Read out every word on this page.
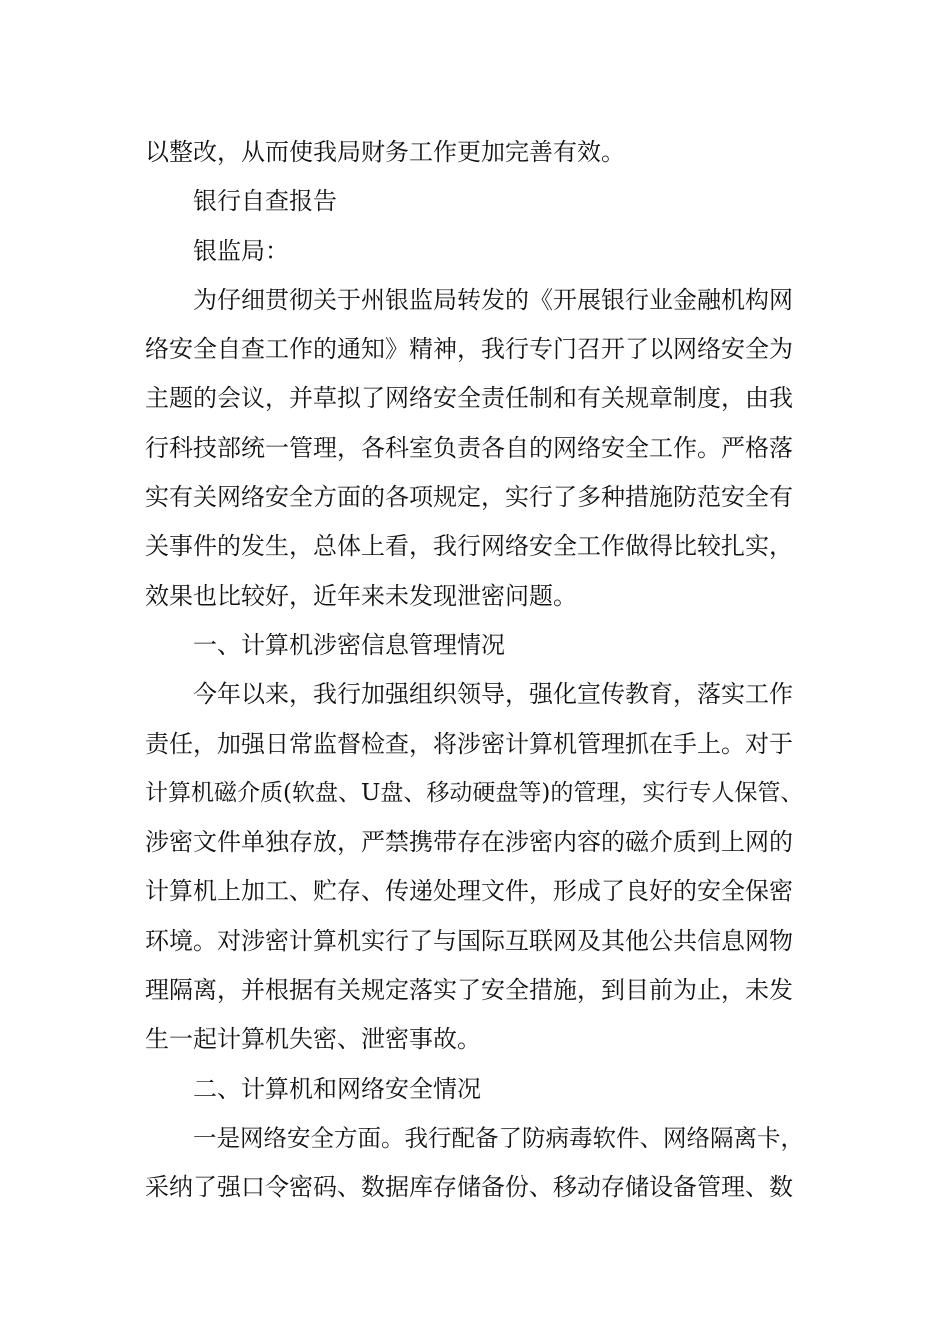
以整改，从而使我局财务工作更加完善有效。
银行自查报告
银监局：
为仔细贯彻关于州银监局转发的《开展银行业金融机构网
络安全自查工作的通知》精神，我行专门召开了以网络安全为
主题的会议，并草拟了网络安全责任制和有关规章制度，由我
行科技部统一管理，各科室负责各自的网络安全工作。严格落
实有关网络安全方面的各项规定，实行了多种措施防范安全有
关事件的发生，总体上看，我行网络安全工作做得比较扎实，
效果也比较好，近年来未发现泄密问题。
一、计算机涉密信息管理情况
今年以来，我行加强组织领导，强化宣传教育，落实工作
责任，加强日常监督检查，将涉密计算机管理抓在手上。对于
计算机磁介质(软盘、U盘、移动硬盘等)的管理，实行专人保管、
涉密文件单独存放，严禁携带存在涉密内容的磁介质到上网的
计算机上加工、贮存、传递处理文件，形成了良好的安全保密
环境。对涉密计算机实行了与国际互联网及其他公共信息网物
理隔离，并根据有关规定落实了安全措施，到目前为止，未发
生一起计算机失密、泄密事故。
二、计算机和网络安全情况
一是网络安全方面。我行配备了防病毒软件、网络隔离卡，
采纳了强口令密码、数据库存储备份、移动存储设备管理、数
